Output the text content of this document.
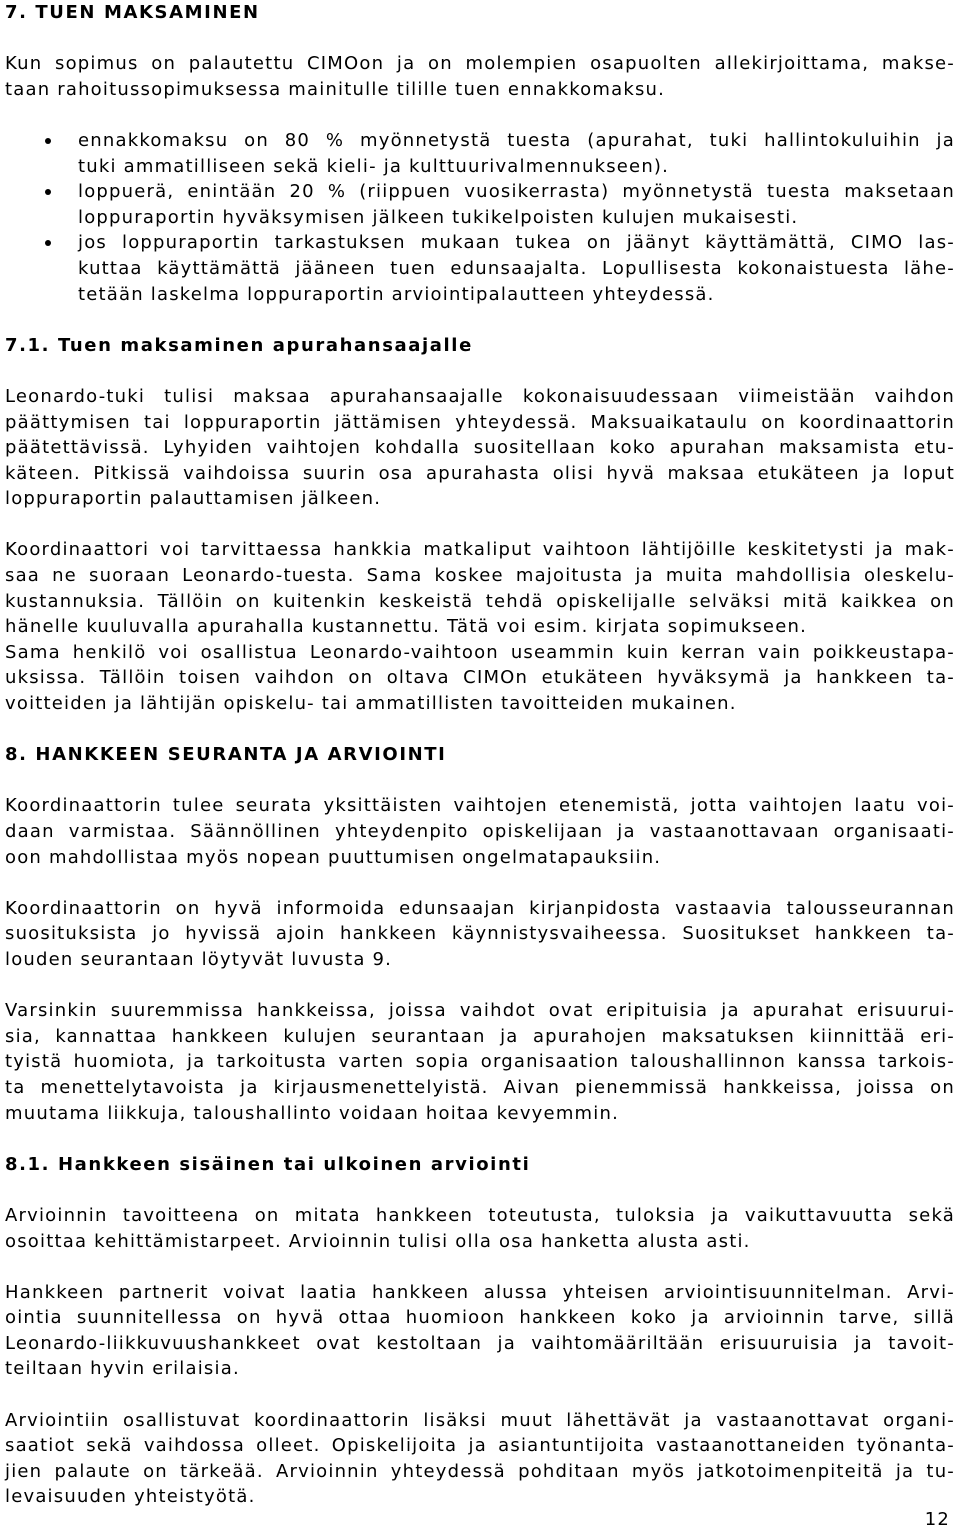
7. TUEN MAKSAMINEN
Kun sopimus on palautettu CIMOon ja on molempien osapuolten allekirjoittama, makse-
taan rahoitussopimuksessa mainitulle tilille tuen ennakkomaksu.
ennakkomaksu on 80 % myönnetystä tuesta (apurahat, tuki hallintokuluihin ja
tuki ammatilliseen sekä kieli- ja kulttuurivalmennukseen).
loppuerä, enintään 20 % (riippuen vuosikerrasta) myönnetystä tuesta maksetaan
loppuraportin hyväksymisen jälkeen tukikelpoisten kulujen mukaisesti.
jos loppuraportin tarkastuksen mukaan tukea on jäänyt käyttämättä, CIMO las-
kuttaa käyttämättä jääneen tuen edunsaajalta. Lopullisesta kokonaistuesta lähe-
tetään laskelma loppuraportin arviointipalautteen yhteydessä.
7.1. Tuen maksaminen apurahansaajalle
Leonardo-tuki tulisi maksaa apurahansaajalle kokonaisuudessaan viimeistään vaihdon
päättymisen tai loppuraportin jättämisen yhteydessä. Maksuaikataulu on koordinaattorin
päätettävissä. Lyhyiden vaihtojen kohdalla suositellaan koko apurahan maksamista etu-
käteen. Pitkissä vaihdoissa suurin osa apurahasta olisi hyvä maksaa etukäteen ja loput
loppuraportin palauttamisen jälkeen.
Koordinaattori voi tarvittaessa hankkia matkaliput vaihtoon lähtijöille keskitetysti ja mak-
saa ne suoraan Leonardo-tuesta. Sama koskee majoitusta ja muita mahdollisia oleskelu-
kustannuksia. Tällöin on kuitenkin keskeistä tehdä opiskelijalle selväksi mitä kaikkea on
hänelle kuuluvalla apurahalla kustannettu. Tätä voi esim. kirjata sopimukseen.
Sama henkilö voi osallistua Leonardo-vaihtoon useammin kuin kerran vain poikkeustapa-
uksissa. Tällöin toisen vaihdon on oltava CIMOn etukäteen hyväksymä ja hankkeen ta-
voitteiden ja lähtijän opiskelu- tai ammatillisten tavoitteiden mukainen.
8. HANKKEEN SEURANTA JA ARVIOINTI
Koordinaattorin tulee seurata yksittäisten vaihtojen etenemistä, jotta vaihtojen laatu voi-
daan varmistaa. Säännöllinen yhteydenpito opiskelijaan ja vastaanottavaan organisaati-
oon mahdollistaa myös nopean puuttumisen ongelmatapauksiin.
Koordinaattorin on hyvä informoida edunsaajan kirjanpidosta vastaavia talousseurannan
suosituksista jo hyvissä ajoin hankkeen käynnistysvaiheessa. Suositukset hankkeen ta-
louden seurantaan löytyvät luvusta 9.
Varsinkin suuremmissa hankkeissa, joissa vaihdot ovat eripituisia ja apurahat erisuurui-
sia, kannattaa hankkeen kulujen seurantaan ja apurahojen maksatuksen kiinnittää eri-
tyistä huomiota, ja tarkoitusta varten sopia organisaation taloushallinnon kanssa tarkois-
ta menettelytavoista ja kirjausmenettelyistä. Aivan pienemmissä hankkeissa, joissa on
muutama liikkuja, taloushallinto voidaan hoitaa kevyemmin.
8.1. Hankkeen sisäinen tai ulkoinen arviointi
Arvioinnin tavoitteena on mitata hankkeen toteutusta, tuloksia ja vaikuttavuutta sekä
osoittaa kehittämistarpeet. Arvioinnin tulisi olla osa hanketta alusta asti.
Hankkeen partnerit voivat laatia hankkeen alussa yhteisen arviointisuunnitelman. Arvi-
ointia suunnitellessa on hyvä ottaa huomioon hankkeen koko ja arvioinnin tarve, sillä
Leonardo-liikkuvuushankkeet ovat kestoltaan ja vaihtomääriltään erisuuruisia ja tavoit-
teiltaan hyvin erilaisia.
Arviointiin osallistuvat koordinaattorin lisäksi muut lähettävät ja vastaanottavat organi-
saatiot sekä vaihdossa olleet. Opiskelijoita ja asiantuntijoita vastaanottaneiden työnanta-
jien palaute on tärkeää. Arvioinnin yhteydessä pohditaan myös jatkotoimenpiteitä ja tu-
levaisuuden yhteistyötä.
12
